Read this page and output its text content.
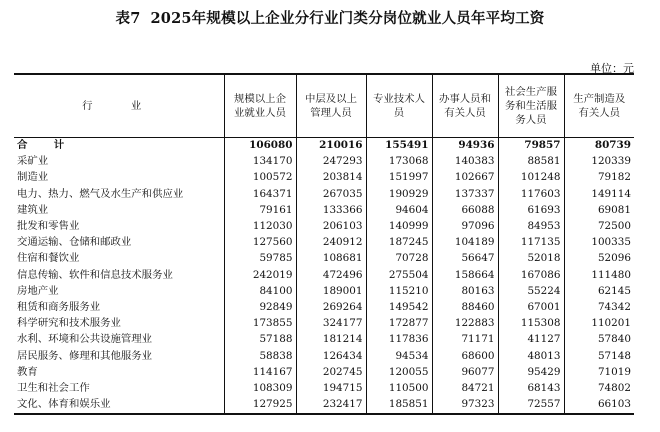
表7 2025年规模以上企业分行业门类分岗位就业人员年平均工资
单位：元
行　业	规模以上企业就业人员	中层及以上管理人员	专业技术人员	办事人员和有关人员	社会生产服务和生活服务人员	生产制造及有关人员
合　计	106080	210016	155491	94936	79857	80739
采矿业	134170	247293	173068	140383	88581	120339
制造业	100572	203814	151997	102667	101248	79182
电力、热力、燃气及水生产和供应业	164371	267035	190929	137337	117603	149114
建筑业	79161	133366	94604	66088	61693	69081
批发和零售业	112030	206103	140999	97096	84953	72500
交通运输、仓储和邮政业	127560	240912	187245	104189	117135	100335
住宿和餐饮业	59785	108681	70728	56647	52018	52096
信息传输、软件和信息技术服务业	242019	472496	275504	158664	167086	111480
房地产业	84100	189001	115210	80163	55224	62145
租赁和商务服务业	92849	269264	149542	88460	67001	74342
科学研究和技术服务业	173855	324177	172877	122883	115308	110201
水利、环境和公共设施管理业	57188	181214	117836	71171	41127	57840
居民服务、修理和其他服务业	58838	126434	94534	68600	48013	57148
教育	114167	202745	120055	96077	95429	71019
卫生和社会工作	108309	194715	110500	84721	68143	74802
文化、体育和娱乐业	127925	232417	185851	97323	72557	66103
